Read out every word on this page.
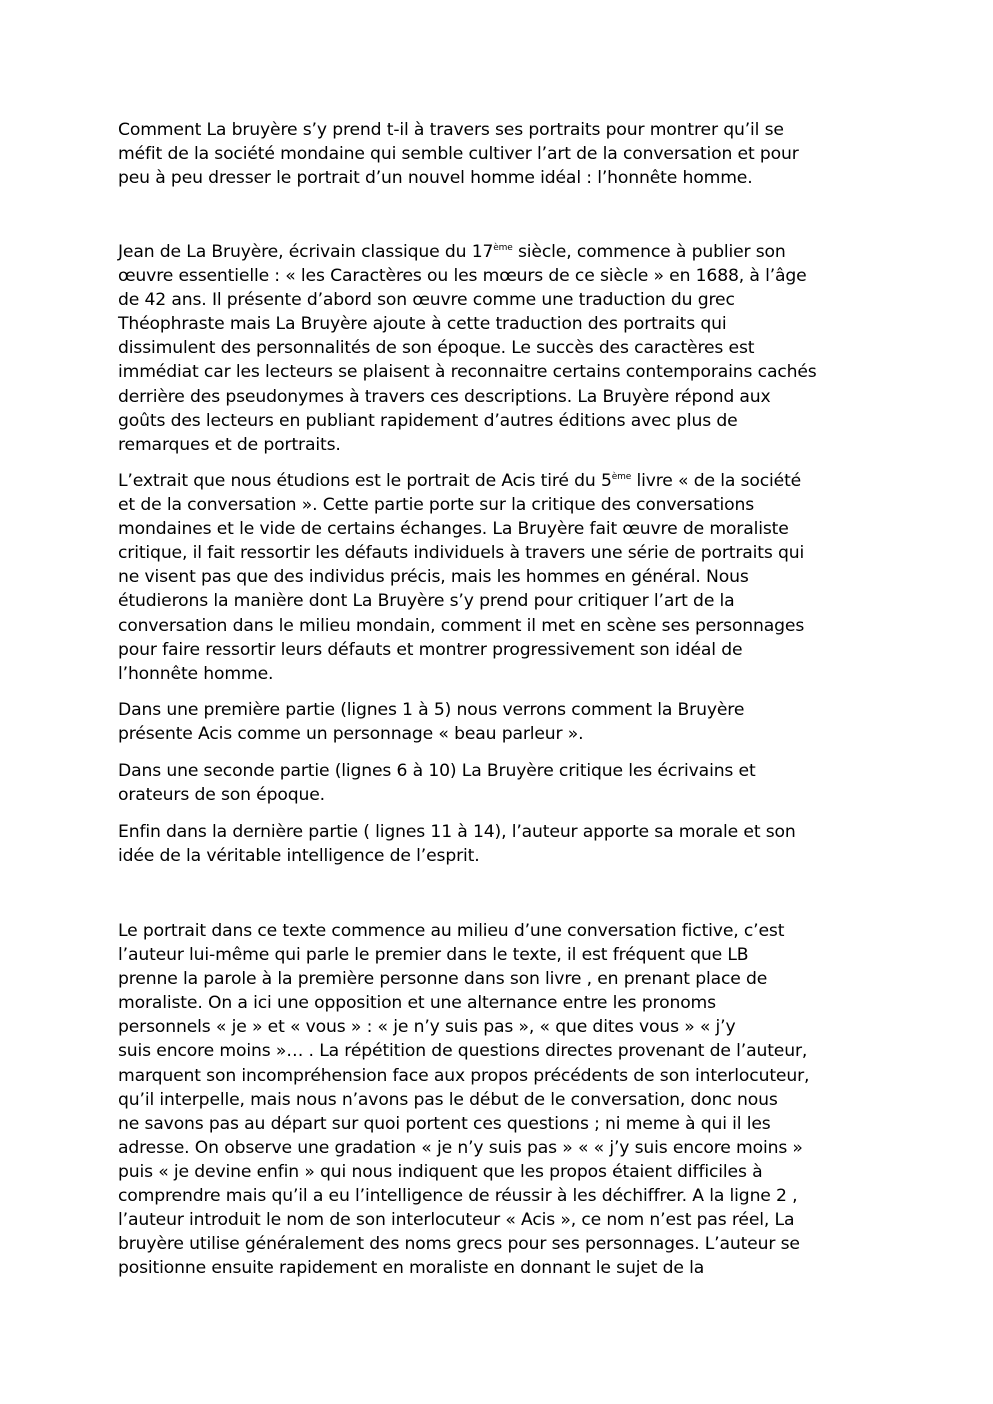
Comment La bruyère s’y prend t-il à travers ses portraits pour montrer qu’il se
méfit de la société mondaine qui semble cultiver l’art de la conversation et pour
peu à peu dresser le portrait d’un nouvel homme idéal : l’honnête homme.

Jean de La Bruyère, écrivain classique du 17ème siècle, commence à publier son
œuvre essentielle : « les Caractères ou les mœurs de ce siècle » en 1688, à l’âge
de 42 ans. Il présente d’abord son œuvre comme une traduction du grec
Théophraste mais La Bruyère ajoute à cette traduction des portraits qui
dissimulent des personnalités de son époque. Le succès des caractères est
immédiat car les lecteurs se plaisent à reconnaitre certains contemporains cachés
derrière des pseudonymes à travers ces descriptions. La Bruyère répond aux
goûts des lecteurs en publiant rapidement d’autres éditions avec plus de
remarques et de portraits.

L’extrait que nous étudions est le portrait de Acis tiré du 5ème livre « de la société
et de la conversation ». Cette partie porte sur la critique des conversations
mondaines et le vide de certains échanges. La Bruyère fait œuvre de moraliste
critique, il fait ressortir les défauts individuels à travers une série de portraits qui
ne visent pas que des individus précis, mais les hommes en général. Nous
étudierons la manière dont La Bruyère s’y prend pour critiquer l’art de la
conversation dans le milieu mondain, comment il met en scène ses personnages
pour faire ressortir leurs défauts et montrer progressivement son idéal de
l’honnête homme.

Dans une première partie (lignes 1 à 5) nous verrons comment la Bruyère
présente Acis comme un personnage « beau parleur ».

Dans une seconde partie (lignes 6 à 10) La Bruyère critique les écrivains et
orateurs de son époque.

Enfin dans la dernière partie ( lignes 11 à 14), l’auteur apporte sa morale et son
idée de la véritable intelligence de l’esprit.

Le portrait dans ce texte commence au milieu d’une conversation fictive, c’est
l’auteur lui-même qui parle le premier dans le texte, il est fréquent que LB
prenne la parole à la première personne dans son livre , en prenant place de
moraliste. On a ici une opposition et une alternance entre les pronoms
personnels « je » et « vous » : « je n’y suis pas », « que dites vous » « j’y
suis encore moins »… . La répétition de questions directes provenant de l’auteur,
marquent son incompréhension face aux propos précédents de son interlocuteur,
qu’il interpelle, mais nous n’avons pas le début de le conversation, donc nous
ne savons pas au départ sur quoi portent ces questions ; ni meme à qui il les
adresse. On observe une gradation « je n’y suis pas » « « j’y suis encore moins »
puis « je devine enfin » qui nous indiquent que les propos étaient difficiles à
comprendre mais qu’il a eu l’intelligence de réussir à les déchiffrer. A la ligne 2 ,
l’auteur introduit le nom de son interlocuteur « Acis », ce nom n’est pas réel, La
bruyère utilise généralement des noms grecs pour ses personnages. L’auteur se
positionne ensuite rapidement en moraliste en donnant le sujet de la
